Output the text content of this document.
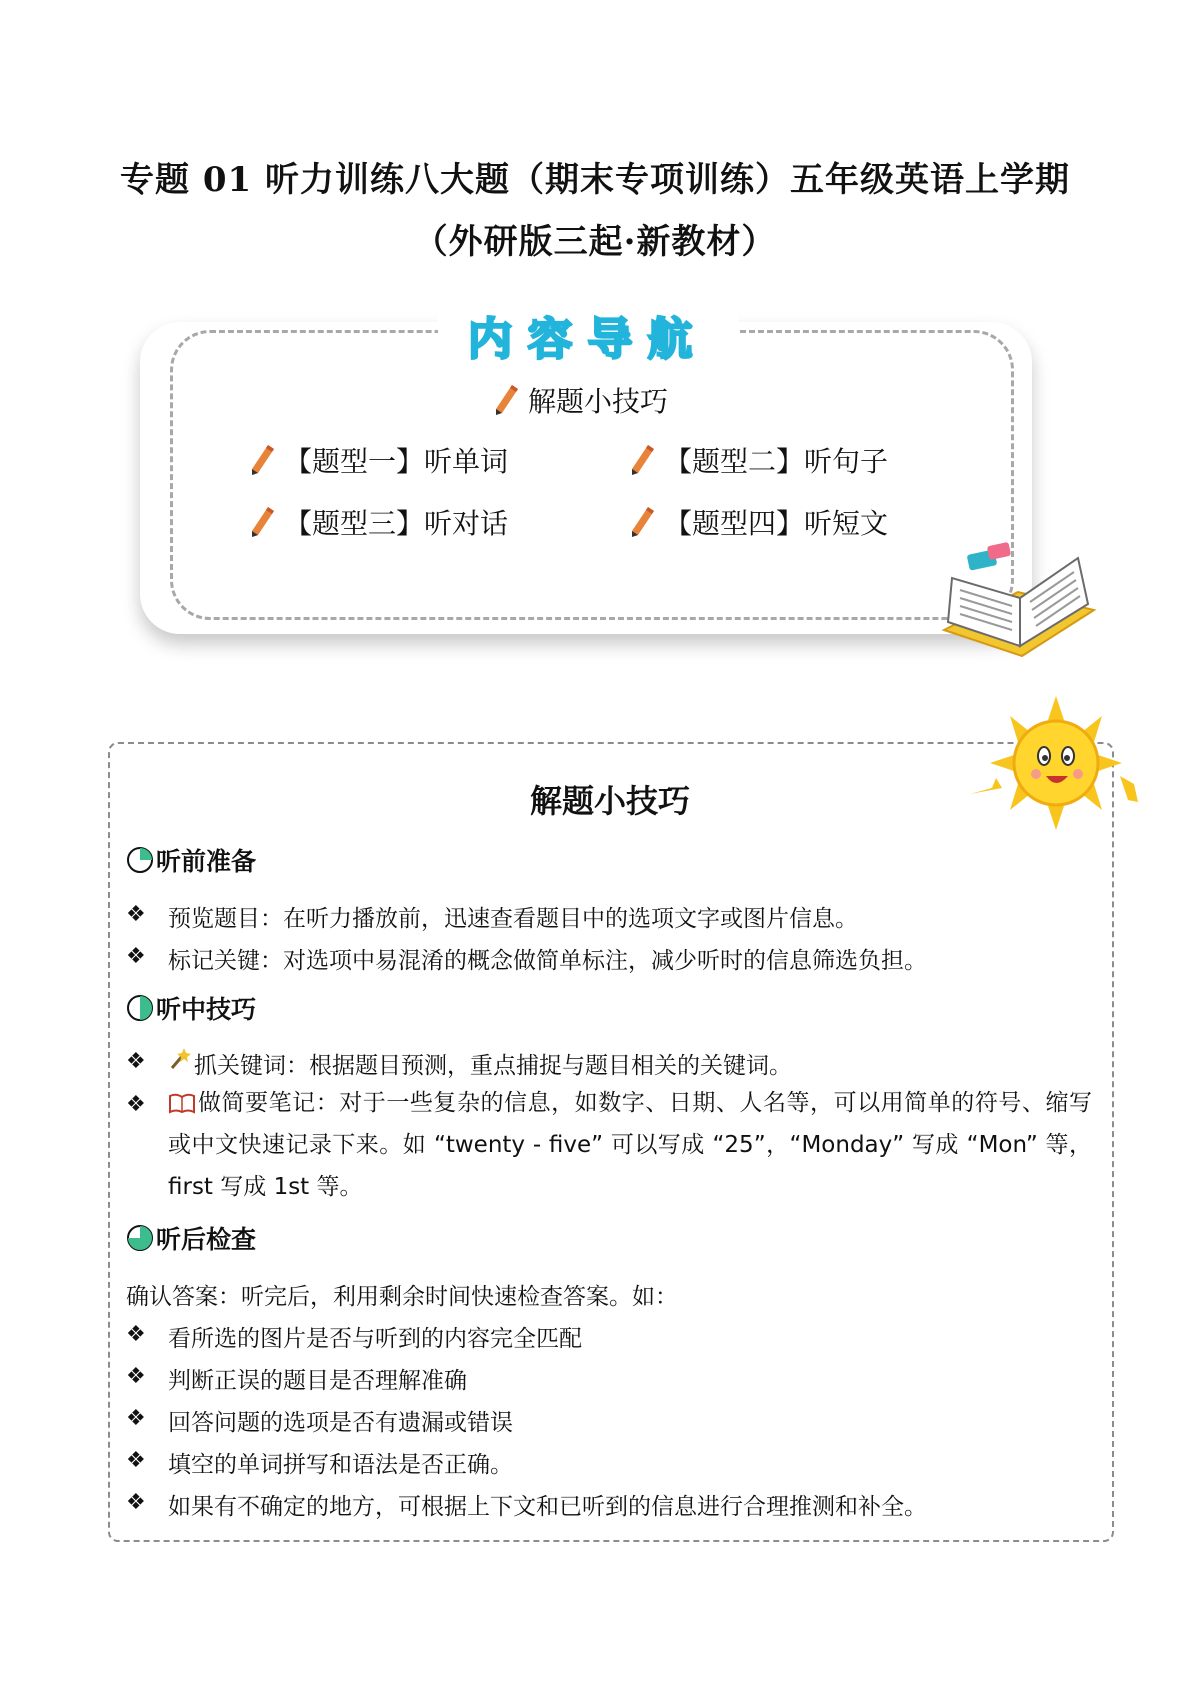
专题 01 听力训练八大题（期末专项训练）五年级英语上学期
（外研版三起·新教材）
内容导航
解题小技巧
【题型一】听单词	【题型二】听句子
【题型三】听对话	【题型四】听短文
解题小技巧
听前准备
❖ 预览题目：在听力播放前，迅速查看题目中的选项文字或图片信息。
❖ 标记关键：对选项中易混淆的概念做简单标注，减少听时的信息筛选负担。
听中技巧
❖ 抓关键词：根据题目预测，重点捕捉与题目相关的关键词。
❖	做简要笔记：对于一些复杂的信息，如数字、日期、人名等，可以用简单的符号、缩写或中文快速记录下来。如 “twenty - five” 可以写成 “25”，“Monday” 写成 “Mon” 等，first 写成 1st 等。
听后检查
确认答案：听完后，利用剩余时间快速检查答案。如：
❖ 看所选的图片是否与听到的内容完全匹配
❖ 判断正误的题目是否理解准确
❖ 回答问题的选项是否有遗漏或错误
❖ 填空的单词拼写和语法是否正确。
❖ 如果有不确定的地方，可根据上下文和已听到的信息进行合理推测和补全。
